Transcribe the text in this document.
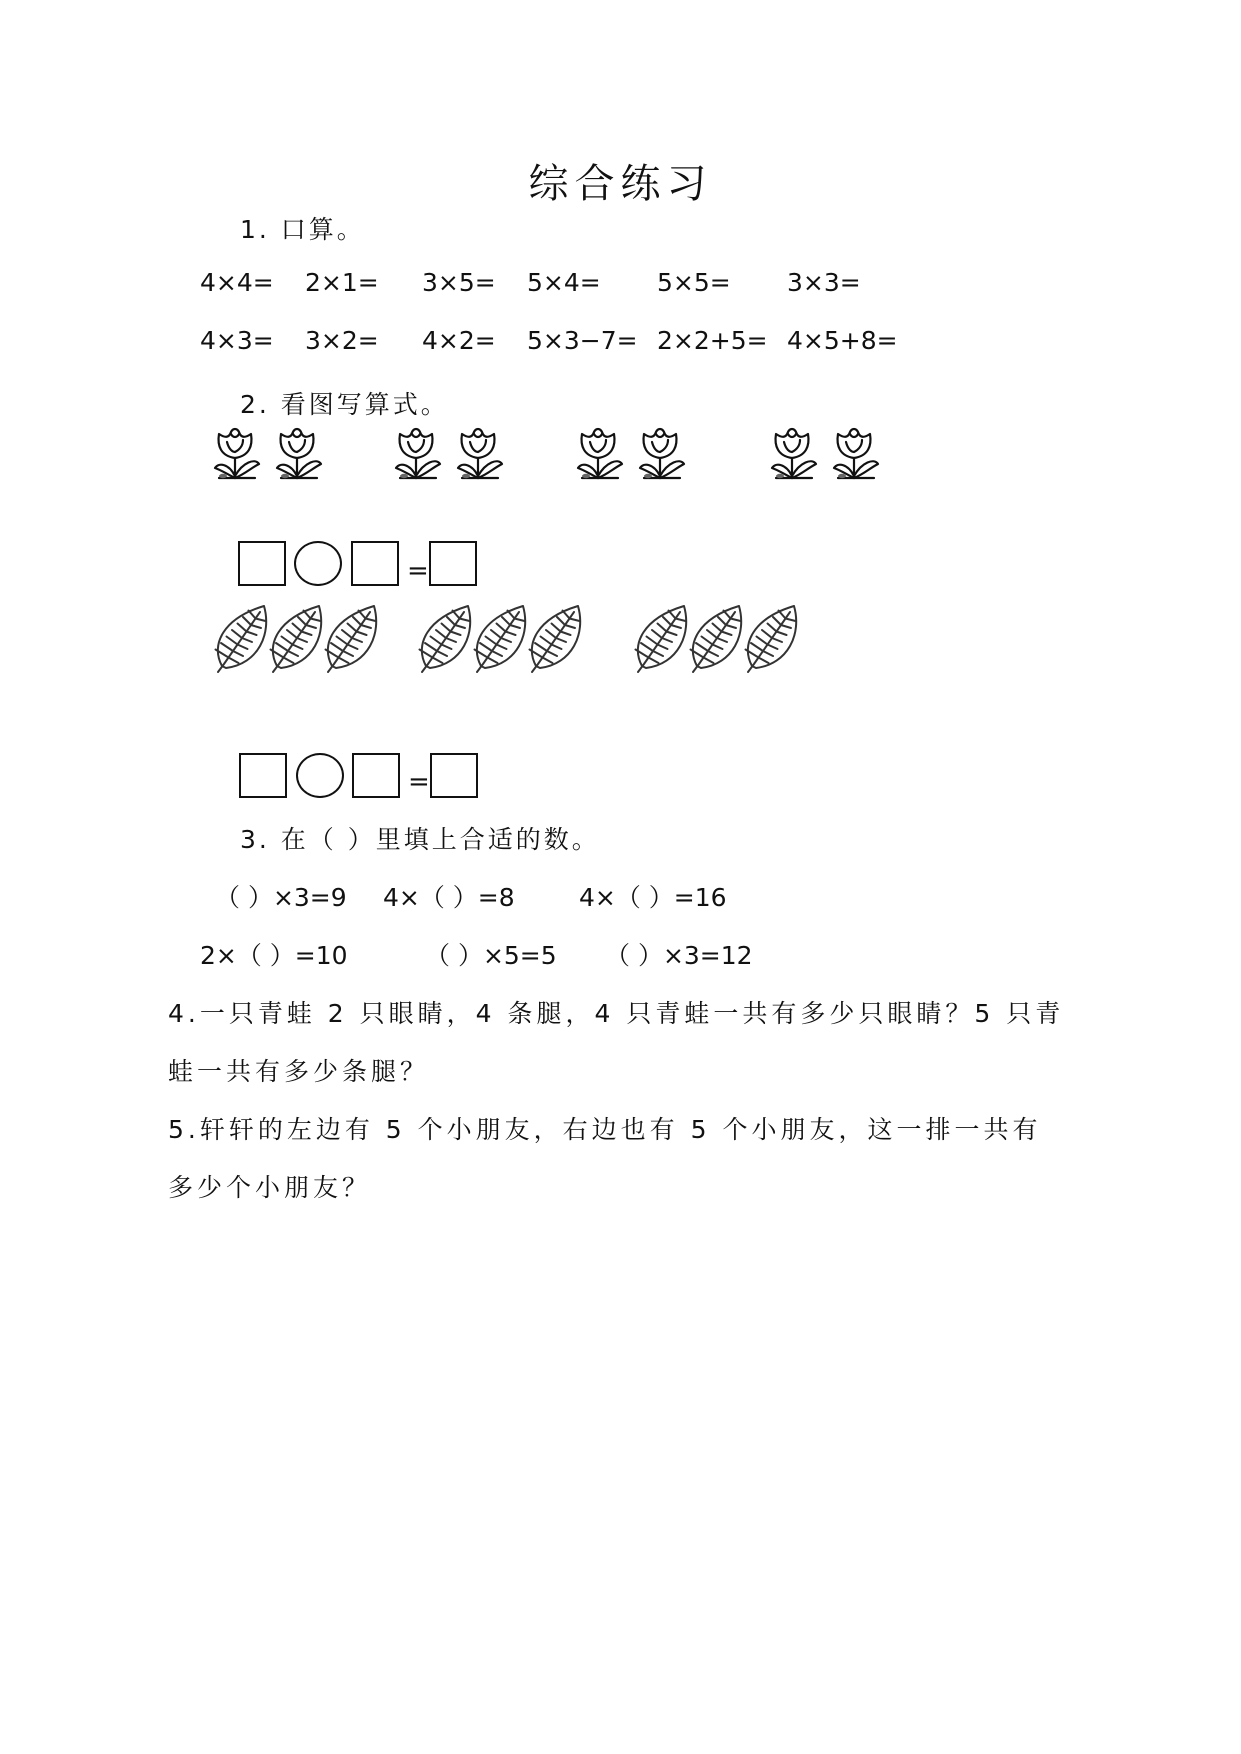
综合练习
1. 口算。
4×4= 2×1= 3×5= 5×4= 5×5= 3×3=
4×3= 3×2= 4×2= 5×3−7= 2×2+5= 4×5+8=
2. 看图写算式。
=
=
3. 在（ ）里填上合适的数。
（ ）×3=9 4×（ ）=8	4×（ ）=16
2×（ ）=10	（ ）×5=5 （ ）×3=12
4.一只青蛙 2 只眼睛，4 条腿，4 只青蛙一共有多少只眼睛？5 只青
蛙一共有多少条腿？
5.轩轩的左边有 5 个小朋友，右边也有 5 个小朋友，这一排一共有
多少个小朋友？
